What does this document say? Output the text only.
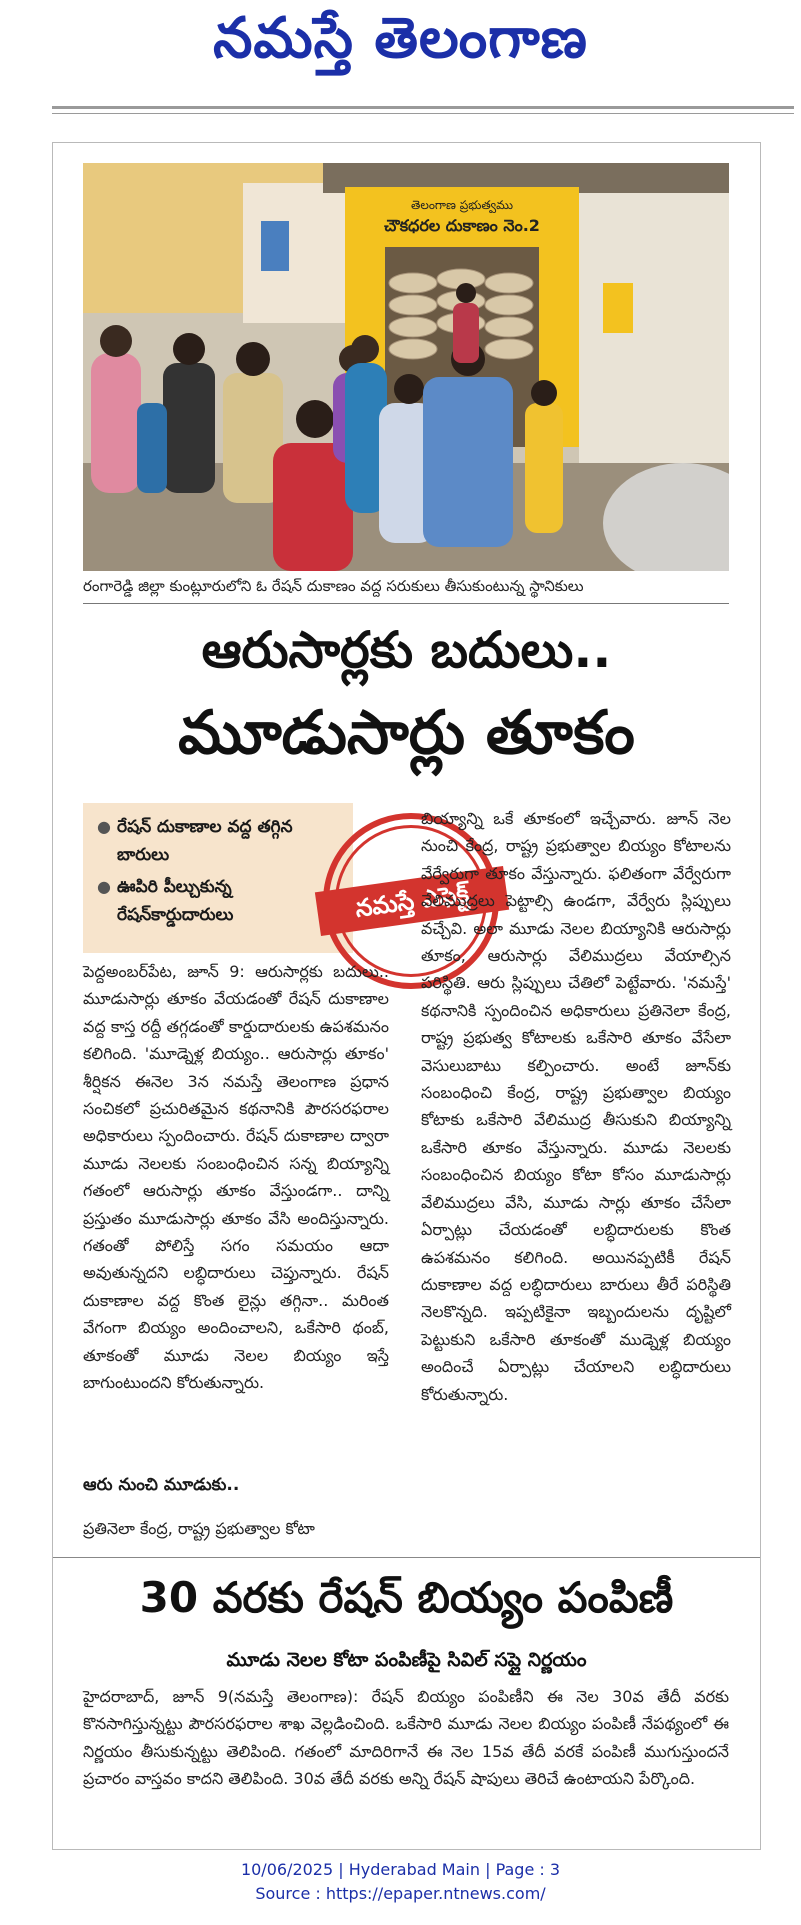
నమస్తే తెలంగాణ
తెలంగాణ ప్రభుత్వము
చౌకధరల దుకాణం నెం.2
రంగారెడ్డి జిల్లా కుంట్లూరులోని ఓ రేషన్ దుకాణం వద్ద సరుకులు తీసుకుంటున్న స్థానికులు
ఆరుసార్లకు బదులు..
మూడుసార్లు తూకం
● రేషన్ దుకాణాల వద్ద తగ్గిన బారులు
● ఊపిరి పీల్చుకున్న రేషన్‌కార్డుదారులు	నమస్తే ఎఫెక్ట్
బియ్యాన్ని ఒకే తూకంలో ఇచ్చేవారు. జూన్ నెల నుంచి కేంద్ర, రాష్ట్ర ప్రభుత్వాల బియ్యం కోటాలను వేర్వేరుగా తూకం వేస్తున్నారు. ఫలితంగా వేర్వేరుగా వేలిముద్రలు పెట్టాల్సి ఉండగా, వేర్వేరు స్లిప్పులు వచ్చేవి. అలా మూడు నెలల బియ్యానికి ఆరుసార్లు తూకం, ఆరుసార్లు వేలిముద్రలు వేయాల్సిన పరిస్థితి. ఆరు స్లిప్పులు చేతిలో పెట్టేవారు. 'నమస్తే' కథనానికి స్పందించిన అధికారులు ప్రతినెలా కేంద్ర, రాష్ట్ర ప్రభుత్వ కోటాలకు ఒకేసారి తూకం వేసేలా వెసులుబాటు కల్పించారు. అంటే జూన్‌కు సంబంధించి కేంద్ర, రాష్ట్ర ప్రభుత్వాల బియ్యం కోటాకు ఒకేసారి వేలిముద్ర తీసుకుని బియ్యాన్ని ఒకేసారి తూకం వేస్తున్నారు. మూడు నెలలకు సంబంధించిన బియ్యం కోటా కోసం మూడుసార్లు వేలిముద్రలు వేసి, మూడు సార్లు తూకం చేసేలా ఏర్పాట్లు చేయడంతో లబ్ధిదారులకు కొంత ఉపశమనం కలిగింది. అయినప్పటికీ రేషన్ దుకాణాల వద్ద లబ్ధిదారులు బారులు తీరే పరిస్థితి నెలకొన్నది. ఇప్పటికైనా ఇబ్బందులను దృష్టిలో పెట్టుకుని ఒకేసారి తూకంతో ముడ్నెళ్ల బియ్యం అందించే ఏర్పాట్లు చేయాలని లబ్ధిదారులు కోరుతున్నారు.
పెద్దఅంబర్‌పేట, జూన్ 9: ఆరుసార్లకు బదులు.. మూడుసార్లు తూకం వేయడంతో రేషన్ దుకాణాల వద్ద కాస్త రద్దీ తగ్గడంతో కార్డుదారులకు ఉపశమనం కలిగింది. 'మూడ్నెళ్ల బియ్యం.. ఆరుసార్లు తూకం' శీర్షికన ఈనెల 3న నమస్తే తెలంగాణ ప్రధాన సంచికలో ప్రచురితమైన కథనానికి పౌరసరఫరాల అధికారులు స్పందించారు. రేషన్ దుకాణాల ద్వారా మూడు నెలలకు సంబంధించిన సన్న బియ్యాన్ని గతంలో ఆరుసార్లు తూకం వేస్తుండగా.. దాన్ని ప్రస్తుతం మూడుసార్లు తూకం వేసి అందిస్తున్నారు. గతంతో పోలిస్తే సగం సమయం ఆదా అవుతున్నదని లబ్ధిదారులు చెప్తున్నారు. రేషన్ దుకాణాల వద్ద కొంత లైన్లు తగ్గినా.. మరింత వేగంగా బియ్యం అందించాలని, ఒకేసారి థంబ్, తూకంతో మూడు నెలల బియ్యం ఇస్తే బాగుంటుందని కోరుతున్నారు.
ఆరు నుంచి మూడుకు..
ప్రతినెలా కేంద్ర, రాష్ట్ర ప్రభుత్వాల కోటా
30 వరకు రేషన్ బియ్యం పంపిణీ
మూడు నెలల కోటా పంపిణీపై సివిల్ సప్లై నిర్ణయం
హైదరాబాద్, జూన్ 9(నమస్తే తెలంగాణ): రేషన్ బియ్యం పంపిణీని ఈ నెల 30వ తేదీ వరకు కొనసాగిస్తున్నట్టు పౌరసరఫరాల శాఖ వెల్లడించింది. ఒకేసారి మూడు నెలల బియ్యం పంపిణీ నేపథ్యంలో ఈ నిర్ణయం తీసుకున్నట్టు తెలిపింది. గతంలో మాదిరిగానే ఈ నెల 15వ తేదీ వరకే పంపిణీ ముగుస్తుందనే ప్రచారం వాస్తవం కాదని తెలిపింది. 30వ తేదీ వరకు అన్ని రేషన్ షాపులు తెరిచే ఉంటాయని పేర్కొంది.
10/06/2025 | Hyderabad Main | Page : 3
Source : https://epaper.ntnews.com/
